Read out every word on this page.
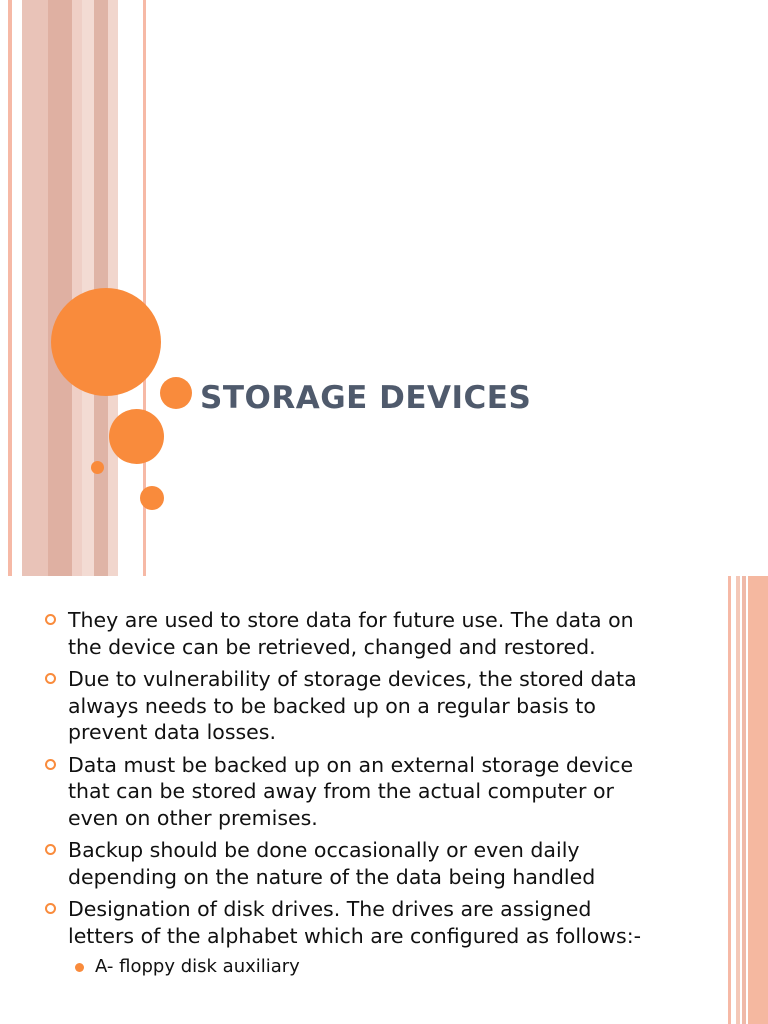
STORAGE DEVICES
They are used to store data for future use. The data on the device can be retrieved, changed and restored.
Due to vulnerability of storage devices, the stored data always needs to be backed up on a regular basis to prevent data losses.
Data must be backed up on an external storage device that can be stored away from the actual computer or even on other premises.
Backup should be done occasionally or even daily depending on the nature of the data being handled
Designation of disk drives. The drives are assigned letters of the alphabet which are configured as follows:-
A- floppy disk auxiliary
